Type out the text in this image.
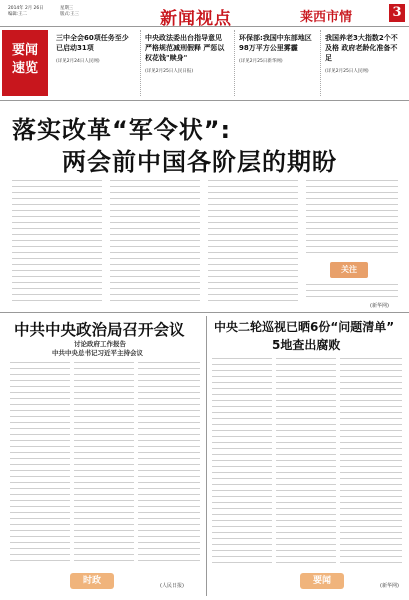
2014年 2月 26日
编辑:王二
星期三
版式:王三	新闻视点	莱西市情	3
要闻速览
三中全会60项任务至少已启动31项
(详见2月24日人民网)
中央政法委出台指导意见严格规范减刑假释 严惩以权花钱"赎身"
(详见2月25日人民日报)
环保部:我国中东部地区98万平方公里雾霾
(详见2月25日新华网)
我国养老3大指数2个不及格 政府老龄化准备不足
(详见2月25日人民网)
落实改革“军令状”:
两会前中国各阶层的期盼
关注
(新华网)
中共中央政治局召开会议
讨论政府工作报告
中共中央总书记习近平主持会议
时政	(人民日报)
中央二轮巡视已晒6份“问题清单”
5地查出腐败
要闻	(新华网)
